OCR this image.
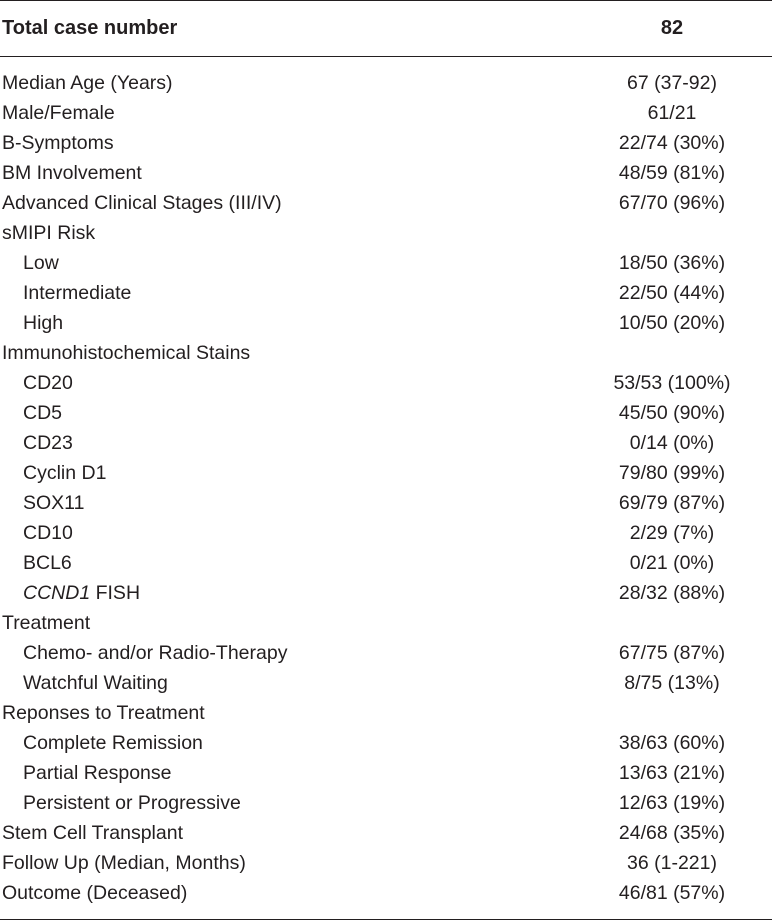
Total case number	82
Median Age (Years)	67 (37-92)
Male/Female	61/21
B-Symptoms	22/74 (30%)
BM Involvement	48/59 (81%)
Advanced Clinical Stages (III/IV)	67/70 (96%)
sMIPI Risk
Low	18/50 (36%)
Intermediate	22/50 (44%)
High	10/50 (20%)
Immunohistochemical Stains
CD20	53/53 (100%)
CD5	45/50 (90%)
CD23	0/14 (0%)
Cyclin D1	79/80 (99%)
SOX11	69/79 (87%)
CD10	2/29 (7%)
BCL6	0/21 (0%)
CCND1 FISH	28/32 (88%)
Treatment
Chemo- and/or Radio-Therapy	67/75 (87%)
Watchful Waiting	8/75 (13%)
Reponses to Treatment
Complete Remission	38/63 (60%)
Partial Response	13/63 (21%)
Persistent or Progressive	12/63 (19%)
Stem Cell Transplant	24/68 (35%)
Follow Up (Median, Months)	36 (1-221)
Outcome (Deceased)	46/81 (57%)
